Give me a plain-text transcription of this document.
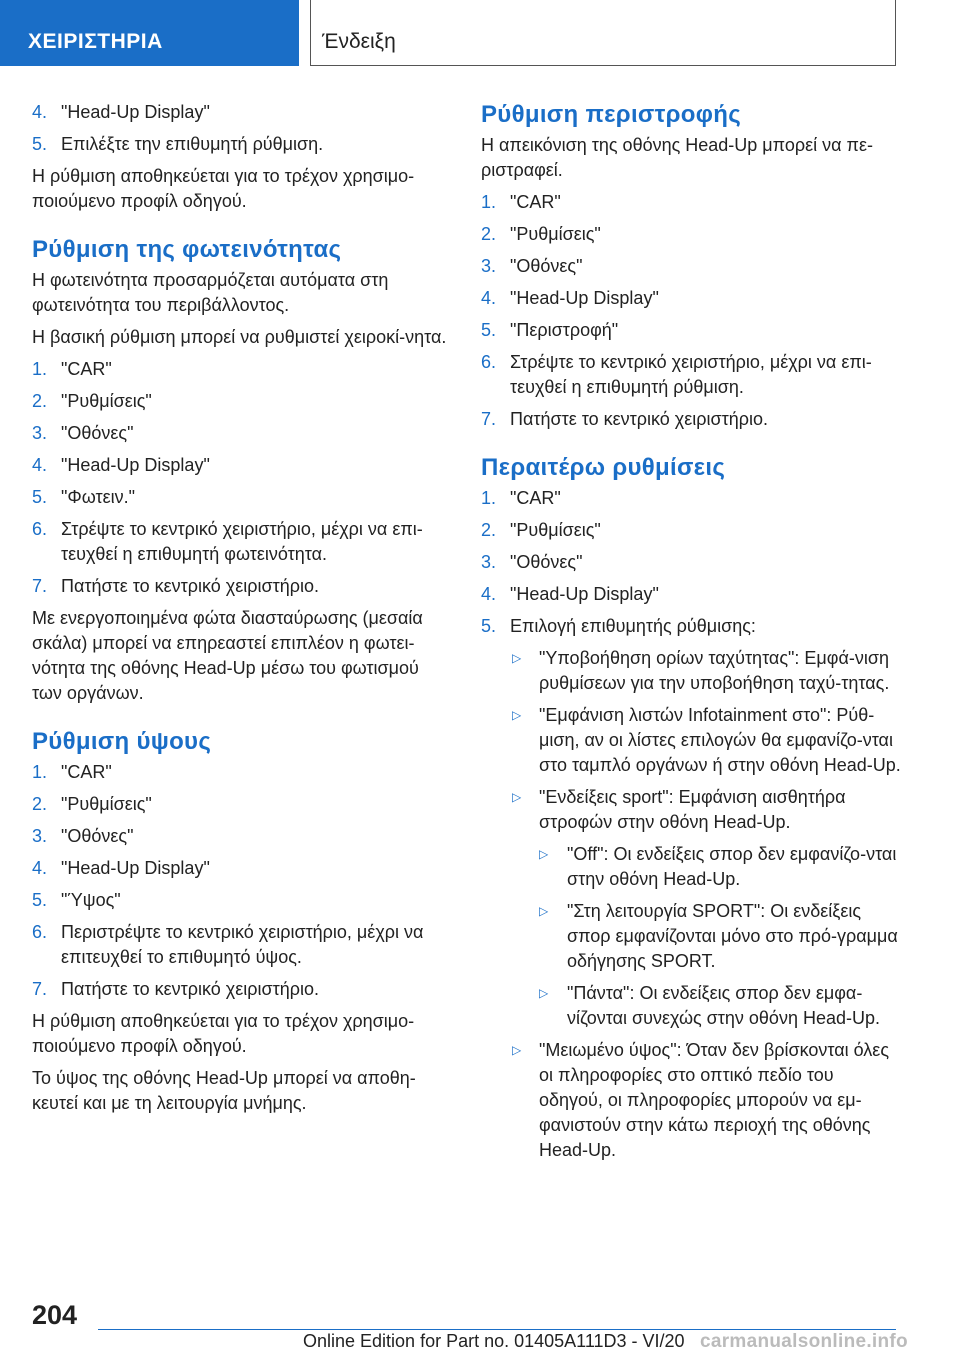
ΧΕΙΡΙΣΤΗΡΙΑ	Ένδειξη
4. "Head-Up Display"
5. Επιλέξτε την επιθυμητή ρύθμιση.

Η ρύθμιση αποθηκεύεται για το τρέχον χρησιμο-ποιούμενο προφίλ οδηγού.

Ρύθμιση της φωτεινότητας

Η φωτεινότητα προσαρμόζεται αυτόματα στη φωτεινότητα του περιβάλλοντος.

Η βασική ρύθμιση μπορεί να ρυθμιστεί χειροκί-νητα.

1. "CAR"
2. "Ρυθμίσεις"
3. "Οθόνες"
4. "Head-Up Display"
5. "Φωτειν."
6. Στρέψτε το κεντρικό χειριστήριο, μέχρι να επι-τευχθεί η επιθυμητή φωτεινότητα.
7. Πατήστε το κεντρικό χειριστήριο.

Με ενεργοποιημένα φώτα διασταύρωσης (μεσαία σκάλα) μπορεί να επηρεαστεί επιπλέον η φωτει-νότητα της οθόνης Head-Up μέσω του φωτισμού των οργάνων.

Ρύθμιση ύψους
1. "CAR"
2. "Ρυθμίσεις"
3. "Οθόνες"
4. "Head-Up Display"
5. "Ύψος"
6. Περιστρέψτε το κεντρικό χειριστήριο, μέχρι να επιτευχθεί το επιθυμητό ύψος.
7. Πατήστε το κεντρικό χειριστήριο.

Η ρύθμιση αποθηκεύεται για το τρέχον χρησιμο-ποιούμενο προφίλ οδηγού.

Το ύψος της οθόνης Head-Up μπορεί να αποθη-κευτεί και με τη λειτουργία μνήμης.

Ρύθμιση περιστροφής

Η απεικόνιση της οθόνης Head-Up μπορεί να πε-ριστραφεί.

1. "CAR"
2. "Ρυθμίσεις"
3. "Οθόνες"
4. "Head-Up Display"
5. "Περιστροφή"
6. Στρέψτε το κεντρικό χειριστήριο, μέχρι να επι-τευχθεί η επιθυμητή ρύθμιση.
7. Πατήστε το κεντρικό χειριστήριο.
Περαιτέρω ρυθμίσεις
1. "CAR"
2. "Ρυθμίσεις"
3. "Οθόνες"
4. "Head-Up Display"
5. Επιλογή επιθυμητής ρύθμισης:
▷ "Υποβοήθηση ορίων ταχύτητας": Εμφά-νιση ρυθμίσεων για την υποβοήθηση ταχύ-τητας.
▷ "Εμφάνιση λιστών Infotainment στο": Ρύθ-μιση, αν οι λίστες επιλογών θα εμφανίζο-νται στο ταμπλό οργάνων ή στην οθόνη Head-Up.
▷ "Ενδείξεις sport": Εμφάνιση αισθητήρα στροφών στην οθόνη Head-Up.
▷ "Off": Οι ενδείξεις σπορ δεν εμφανίζο-νται στην οθόνη Head-Up.
▷ "Στη λειτουργία SPORT": Οι ενδείξεις σπορ εμφανίζονται μόνο στο πρό-γραμμα οδήγησης SPORT.
▷ "Πάντα": Οι ενδείξεις σπορ δεν εμφα-νίζονται συνεχώς στην οθόνη Head-Up.
▷ "Μειωμένο ύψος": Όταν δεν βρίσκονται όλες οι πληροφορίες στο οπτικό πεδίο του οδηγού, οι πληροφορίες μπορούν να εμ-φανιστούν στην κάτω περιοχή της οθόνης Head-Up.
204
Online Edition for Part no. 01405A111D3 - VI/20 carmanualsonline.info
